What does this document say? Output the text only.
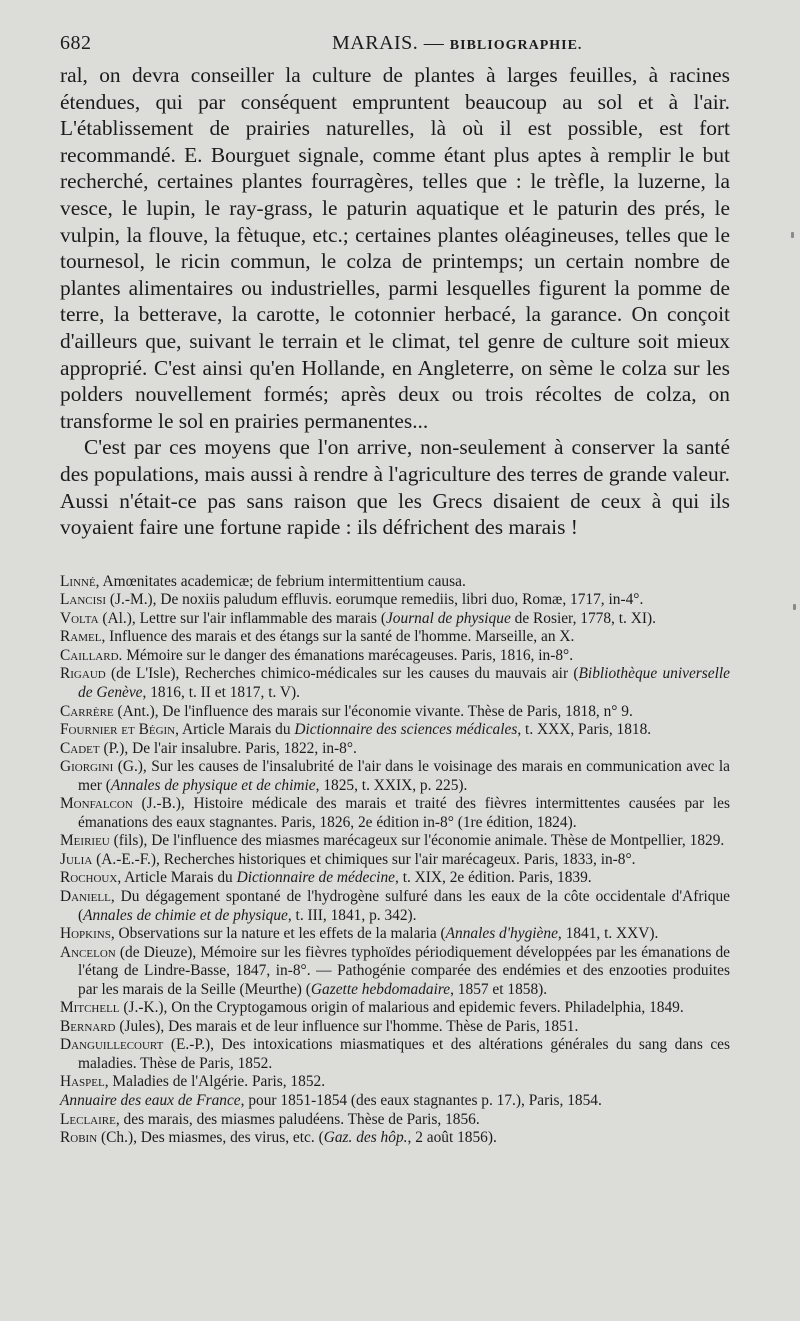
682	MARAIS. — BIBLIOGRAPHIE.

ral, on devra conseiller la culture de plantes à larges feuilles, à racines étendues, qui par conséquent empruntent beaucoup au sol et à l'air. L'établissement de prairies naturelles, là où il est possible, est fort recommandé. E. Bourguet signale, comme étant plus aptes à remplir le but recherché, certaines plantes fourragères, telles que : le trèfle, la luzerne, la vesce, le lupin, le ray-grass, le paturin aquatique et le paturin des prés, le vulpin, la flouve, la fètuque, etc.; certaines plantes oléagineuses, telles que le tournesol, le ricin commun, le colza de printemps; un certain nombre de plantes alimentaires ou industrielles, parmi lesquelles figurent la pomme de terre, la betterave, la carotte, le cotonnier herbacé, la garance. On conçoit d'ailleurs que, suivant le terrain et le climat, tel genre de culture soit mieux approprié. C'est ainsi qu'en Hollande, en Angleterre, on sème le colza sur les polders nouvellement formés; après deux ou trois récoltes de colza, on transforme le sol en prairies permanentes...

C'est par ces moyens que l'on arrive, non-seulement à conserver la santé des populations, mais aussi à rendre à l'agriculture des terres de grande valeur. Aussi n'était-ce pas sans raison que les Grecs disaient de ceux à qui ils voyaient faire une fortune rapide : ils défrichent des marais !

Linné, Amœnitates academicæ; de febrium intermittentium causa.
Lancisi (J.-M.), De noxiis paludum effluvis. eorumque remediis, libri duo, Romæ, 1717, in-4°.
Volta (Al.), Lettre sur l'air inflammable des marais (Journal de physique de Rosier, 1778, t. XI).
Ramel, Influence des marais et des étangs sur la santé de l'homme. Marseille, an X.
Caillard. Mémoire sur le danger des émanations marécageuses. Paris, 1816, in-8°.
Rigaud (de L'Isle), Recherches chimico-médicales sur les causes du mauvais air (Bibliothèque universelle de Genève, 1816, t. II et 1817, t. V).
Carrère (Ant.), De l'influence des marais sur l'économie vivante. Thèse de Paris, 1818, n° 9.
Fournier et Bégin, Article Marais du Dictionnaire des sciences médicales, t. XXX, Paris, 1818.
Cadet (P.), De l'air insalubre. Paris, 1822, in-8°.
Giorgini (G.), Sur les causes de l'insalubrité de l'air dans le voisinage des marais en communication avec la mer (Annales de physique et de chimie, 1825, t. XXIX, p. 225).
Monfalcon (J.-B.), Histoire médicale des marais et traité des fièvres intermittentes causées par les émanations des eaux stagnantes. Paris, 1826, 2e édition in-8° (1re édition, 1824).
Meirieu (fils), De l'influence des miasmes marécageux sur l'économie animale. Thèse de Montpellier, 1829.
Julia (A.-E.-F.), Recherches historiques et chimiques sur l'air marécageux. Paris, 1833, in-8°.
Rochoux, Article Marais du Dictionnaire de médecine, t. XIX, 2e édition. Paris, 1839.
Daniell, Du dégagement spontané de l'hydrogène sulfuré dans les eaux de la côte occidentale d'Afrique (Annales de chimie et de physique, t. III, 1841, p. 342).
Hopkins, Observations sur la nature et les effets de la malaria (Annales d'hygiène, 1841, t. XXV).
Ancelon (de Dieuze), Mémoire sur les fièvres typhoïdes périodiquement développées par les émanations de l'étang de Lindre-Basse, 1847, in-8°. — Pathogénie comparée des endémies et des enzooties produites par les marais de la Seille (Meurthe) (Gazette hebdomadaire, 1857 et 1858).
Mitchell (J.-K.), On the Cryptogamous origin of malarious and epidemic fevers. Philadelphia, 1849.
Bernard (Jules), Des marais et de leur influence sur l'homme. Thèse de Paris, 1851.
Danguillecourt (E.-P.), Des intoxications miasmatiques et des altérations générales du sang dans ces maladies. Thèse de Paris, 1852.
Haspel, Maladies de l'Algérie. Paris, 1852.
Annuaire des eaux de France, pour 1851-1854 (des eaux stagnantes p. 17.), Paris, 1854.
Leclaire, des marais, des miasmes paludéens. Thèse de Paris, 1856.
Robin (Ch.), Des miasmes, des virus, etc. (Gaz. des hôp., 2 août 1856).
